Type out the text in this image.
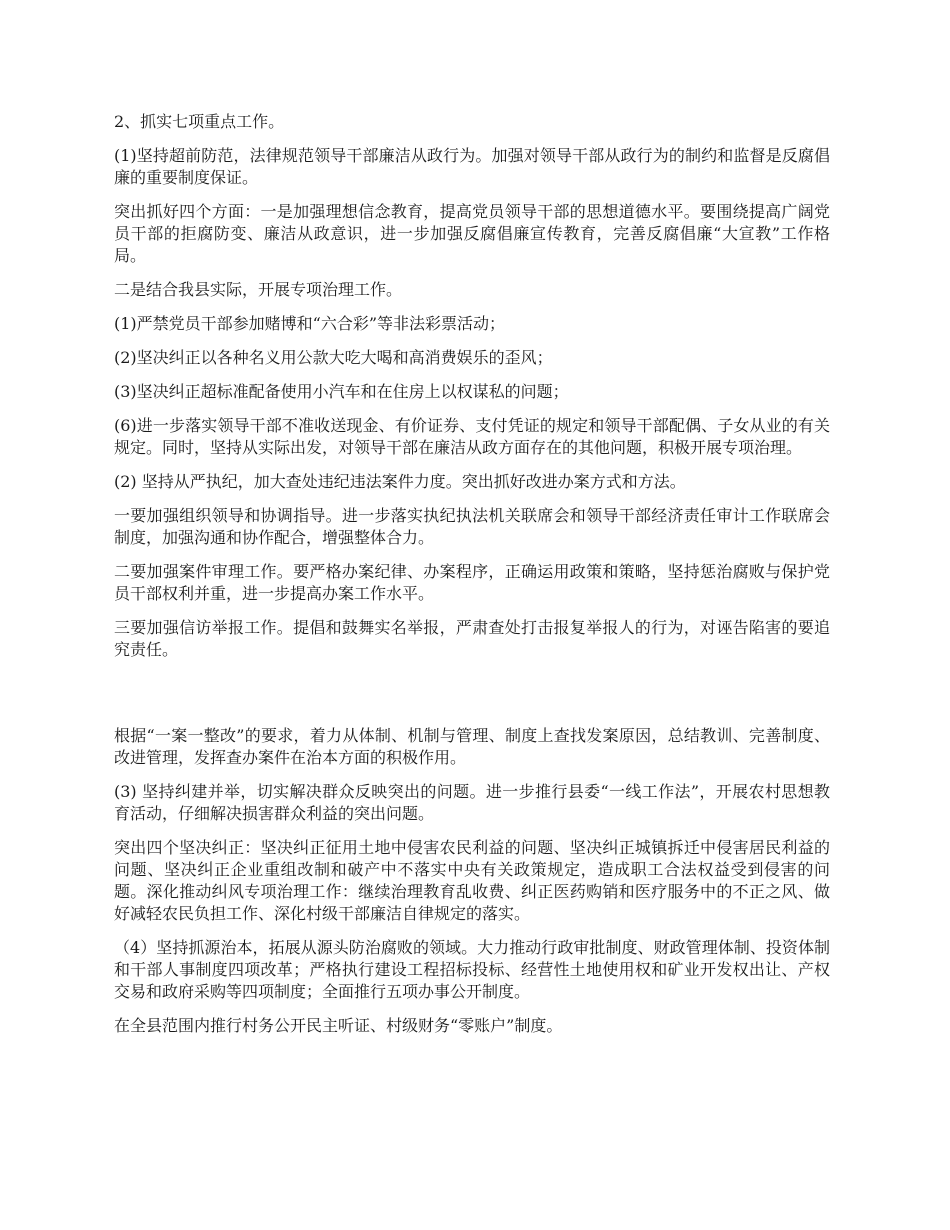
2、抓实七项重点工作。

(1)坚持超前防范，法律规范领导干部廉洁从政行为。加强对领导干部从政行为的制约和监督是反腐倡廉的重要制度保证。

突出抓好四个方面：一是加强理想信念教育，提高党员领导干部的思想道德水平。要围绕提高广阔党员干部的拒腐防变、廉洁从政意识，进一步加强反腐倡廉宣传教育，完善反腐倡廉“大宣教”工作格局。

二是结合我县实际，开展专项治理工作。

(1)严禁党员干部参加赌博和“六合彩”等非法彩票活动；

(2)坚决纠正以各种名义用公款大吃大喝和高消费娱乐的歪风；

(3)坚决纠正超标准配备使用小汽车和在住房上以权谋私的问题；

(6)进一步落实领导干部不准收送现金、有价证券、支付凭证的规定和领导干部配偶、子女从业的有关规定。同时，坚持从实际出发，对领导干部在廉洁从政方面存在的其他问题，积极开展专项治理。

(2) 坚持从严执纪，加大查处违纪违法案件力度。突出抓好改进办案方式和方法。

一要加强组织领导和协调指导。进一步落实执纪执法机关联席会和领导干部经济责任审计工作联席会制度，加强沟通和协作配合，增强整体合力。

二要加强案件审理工作。要严格办案纪律、办案程序，正确运用政策和策略，坚持惩治腐败与保护党员干部权利并重，进一步提高办案工作水平。

三要加强信访举报工作。提倡和鼓舞实名举报，严肃查处打击报复举报人的行为，对诬告陷害的要追究责任。

根据“一案一整改”的要求，着力从体制、机制与管理、制度上查找发案原因，总结教训、完善制度、改进管理，发挥查办案件在治本方面的积极作用。

(3) 坚持纠建并举，切实解决群众反映突出的问题。进一步推行县委“一线工作法”，开展农村思想教育活动，仔细解决损害群众利益的突出问题。

突出四个坚决纠正：坚决纠正征用土地中侵害农民利益的问题、坚决纠正城镇拆迁中侵害居民利益的问题、坚决纠正企业重组改制和破产中不落实中央有关政策规定，造成职工合法权益受到侵害的问题。深化推动纠风专项治理工作：继续治理教育乱收费、纠正医药购销和医疗服务中的不正之风、做好减轻农民负担工作、深化村级干部廉洁自律规定的落实。

（4）坚持抓源治本，拓展从源头防治腐败的领域。大力推动行政审批制度、财政管理体制、投资体制和干部人事制度四项改革；严格执行建设工程招标投标、经营性土地使用权和矿业开发权出让、产权交易和政府采购等四项制度；全面推行五项办事公开制度。

在全县范围内推行村务公开民主听证、村级财务“零账户”制度。
